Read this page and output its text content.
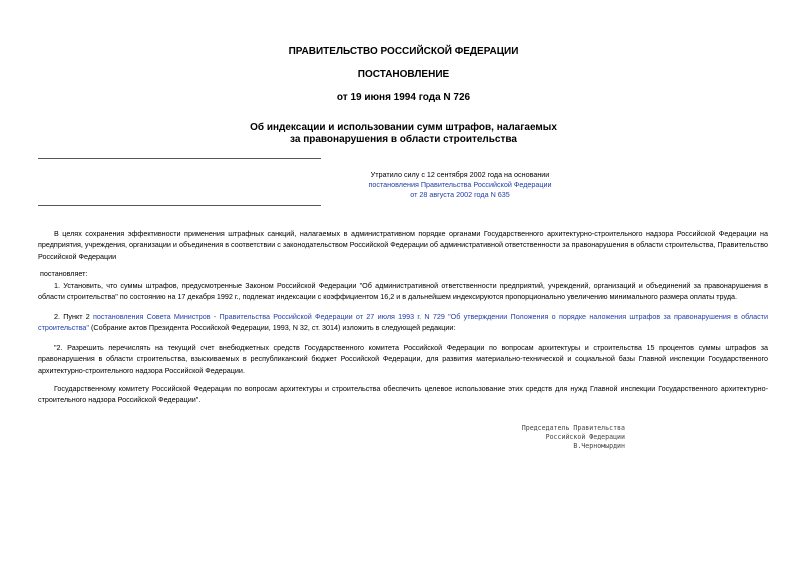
ПРАВИТЕЛЬСТВО РОССИЙСКОЙ ФЕДЕРАЦИИ
ПОСТАНОВЛЕНИЕ
от 19 июня 1994 года N 726
Об индексации и использовании сумм штрафов, налагаемых
за правонарушения в области строительства
Утратило силу с 12 сентября 2002 года на основании
постановления Правительства Российской Федерации
от 28 августа 2002 года N 635
В целях сохранения эффективности применения штрафных санкций, налагаемых в административном порядке органами Государственного архитектурно-строительного надзора Российской Федерации на предприятия, учреждения, организации и объединения в соответствии с законодательством Российской Федерации об административной ответственности за правонарушения в области строительства, Правительство Российской Федерации
постановляет:
1. Установить, что суммы штрафов, предусмотренные Законом Российской Федерации "Об административной ответственности предприятий, учреждений, организаций и объединений за правонарушения в области строительства" по состоянию на 17 декабря 1992 г., подлежат индексации с коэффициентом 16,2 и в дальнейшем индексируются пропорционально увеличению минимального размера оплаты труда.
2. Пункт 2 постановления Совета Министров - Правительства Российской Федерации от 27 июля 1993 г. N 729 "Об утверждении Положения о порядке наложения штрафов за правонарушения в области строительства" (Собрание актов Президента Российской Федерации, 1993, N 32, ст. 3014) изложить в следующей редакции:
"2. Разрешить перечислять на текущий счет внебюджетных средств Государственного комитета Российской Федерации по вопросам архитектуры и строительства 15 процентов суммы штрафов за правонарушения в области строительства, взыскиваемых в республиканский бюджет Российской Федерации, для развития материально-технической и социальной базы Главной инспекции Государственного архитектурно-строительного надзора Российской Федерации.
Государственному комитету Российской Федерации по вопросам архитектуры и строительства обеспечить целевое использование этих средств для нужд Главной инспекции Государственного архитектурно-строительного надзора Российской Федерации".
Председатель Правительства
Российской Федерации
В.Черномырдин
